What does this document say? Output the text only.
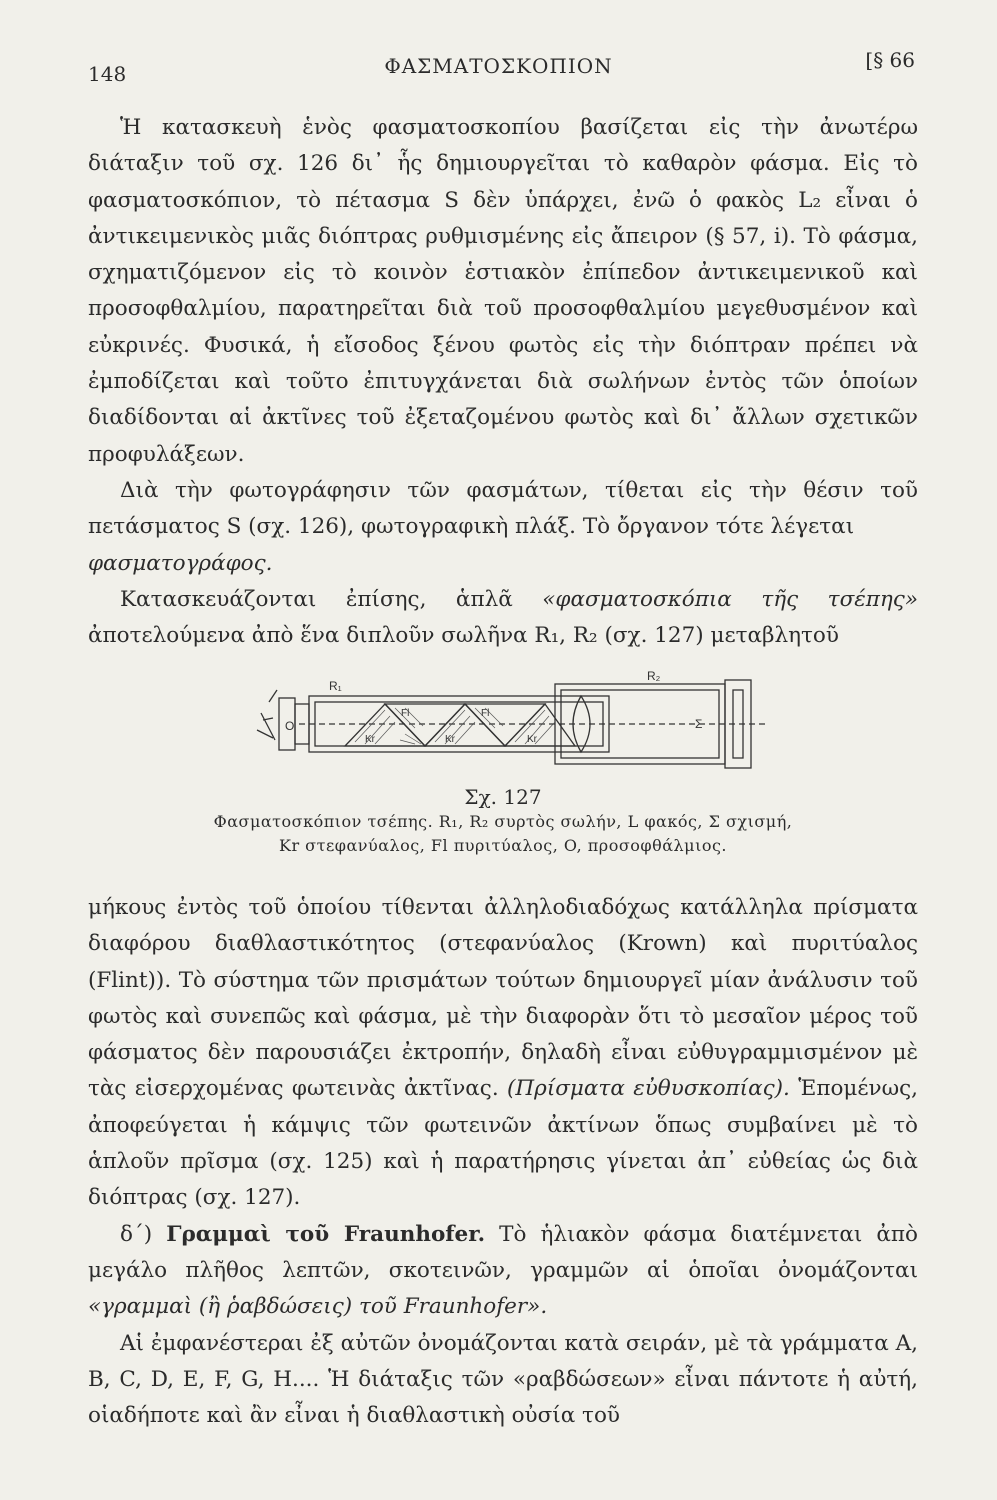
148	ΦΑΣΜΑΤΟΣΚΟΠΙΟΝ	[§ 66

Ἡ κατασκευὴ ἑνὸς φασματοσκοπίου βασίζεται εἰς τὴν ἀνωτέρω διάταξιν τοῦ σχ. 126 δι᾽ ἧς δημιουργεῖται τὸ καθαρὸν φάσμα. Εἰς τὸ φασματοσκόπιον, τὸ πέτασμα S δὲν ὑπάρχει, ἐνῶ ὁ φακὸς L₂ εἶναι ὁ ἀντικειμενικὸς μιᾶς διόπτρας ρυθμισμένης εἰς ἄπειρον (§ 57, i). Τὸ φάσμα, σχηματιζόμενον εἰς τὸ κοινὸν ἑστιακὸν ἐπίπεδον ἀντικειμενικοῦ καὶ προσοφθαλμίου, παρατηρεῖται διὰ τοῦ προσοφθαλμίου μεγεθυσμένον καὶ εὐκρινές. Φυσικά, ἡ εἴσοδος ξένου φωτὸς εἰς τὴν διόπτραν πρέπει νὰ ἐμποδίζεται καὶ τοῦτο ἐπιτυγχάνεται διὰ σωλήνων ἐντὸς τῶν ὁποίων διαδίδονται αἱ ἀκτῖνες τοῦ ἐξεταζομένου φωτὸς καὶ δι᾽ ἄλλων σχετικῶν προφυλάξεων.

Διὰ τὴν φωτογράφησιν τῶν φασμάτων, τίθεται εἰς τὴν θέσιν τοῦ πετάσματος S (σχ. 126), φωτογραφικὴ πλάξ. Τὸ ὄργανον τότε λέγεται

φασματογράφος.

Κατασκευάζονται ἐπίσης, ἁπλᾶ «φασματοσκόπια τῆς τσέπης» ἀποτελούμενα ἀπὸ ἕνα διπλοῦν σωλῆνα R₁, R₂ (σχ. 127) μεταβλητοῦ

R₁
R₂
Fl	Fl
Kr	Kr	Kr
O	Σ
Σχ. 127
Φασματοσκόπιον τσέπης. R₁, R₂ συρτὸς σωλήν, L φακός, Σ σχισμή,
Kr στεφανύαλος, Fl πυριτύαλος, O, προσοφθάλμιος.

μήκους ἐντὸς τοῦ ὁποίου τίθενται ἀλληλοδιαδόχως κατάλληλα πρίσματα διαφόρου διαθλαστικότητος (στεφανύαλος (Krown) καὶ πυριτύαλος (Flint)). Τὸ σύστημα τῶν πρισμάτων τούτων δημιουργεῖ μίαν ἀνάλυσιν τοῦ φωτὸς καὶ συνεπῶς καὶ φάσμα, μὲ τὴν διαφορὰν ὅτι τὸ μεσαῖον μέρος τοῦ φάσματος δὲν παρουσιάζει ἐκτροπήν, δηλαδὴ εἶναι εὐθυγραμμισμένον μὲ τὰς εἰσερχομένας φωτεινὰς ἀκτῖνας. (Πρίσματα εὐθυσκοπίας). Ἑπομένως, ἀποφεύγεται ἡ κάμψις τῶν φωτεινῶν ἀκτίνων ὅπως συμβαίνει μὲ τὸ ἁπλοῦν πρῖσμα (σχ. 125) καὶ ἡ παρατήρησις γίνεται ἀπ᾽ εὐθείας ὡς διὰ διόπτρας (σχ. 127).

δ´) Γραμμαὶ τοῦ Fraunhofer. Τὸ ἡλιακὸν φάσμα διατέμνεται ἀπὸ μεγάλο πλῆθος λεπτῶν, σκοτεινῶν, γραμμῶν αἱ ὁποῖαι ὀνομάζονται «γραμμαὶ (ἢ ῥαβδώσεις) τοῦ Fraunhofer».

Αἱ ἐμφανέστεραι ἐξ αὐτῶν ὀνομάζονται κατὰ σειράν, μὲ τὰ γράμματα A, B, C, D, E, F, G, H.... Ἡ διάταξις τῶν «ραβδώσεων» εἶναι πάντοτε ἡ αὐτή, οἱαδήποτε καὶ ἂν εἶναι ἡ διαθλαστικὴ οὐσία τοῦ
